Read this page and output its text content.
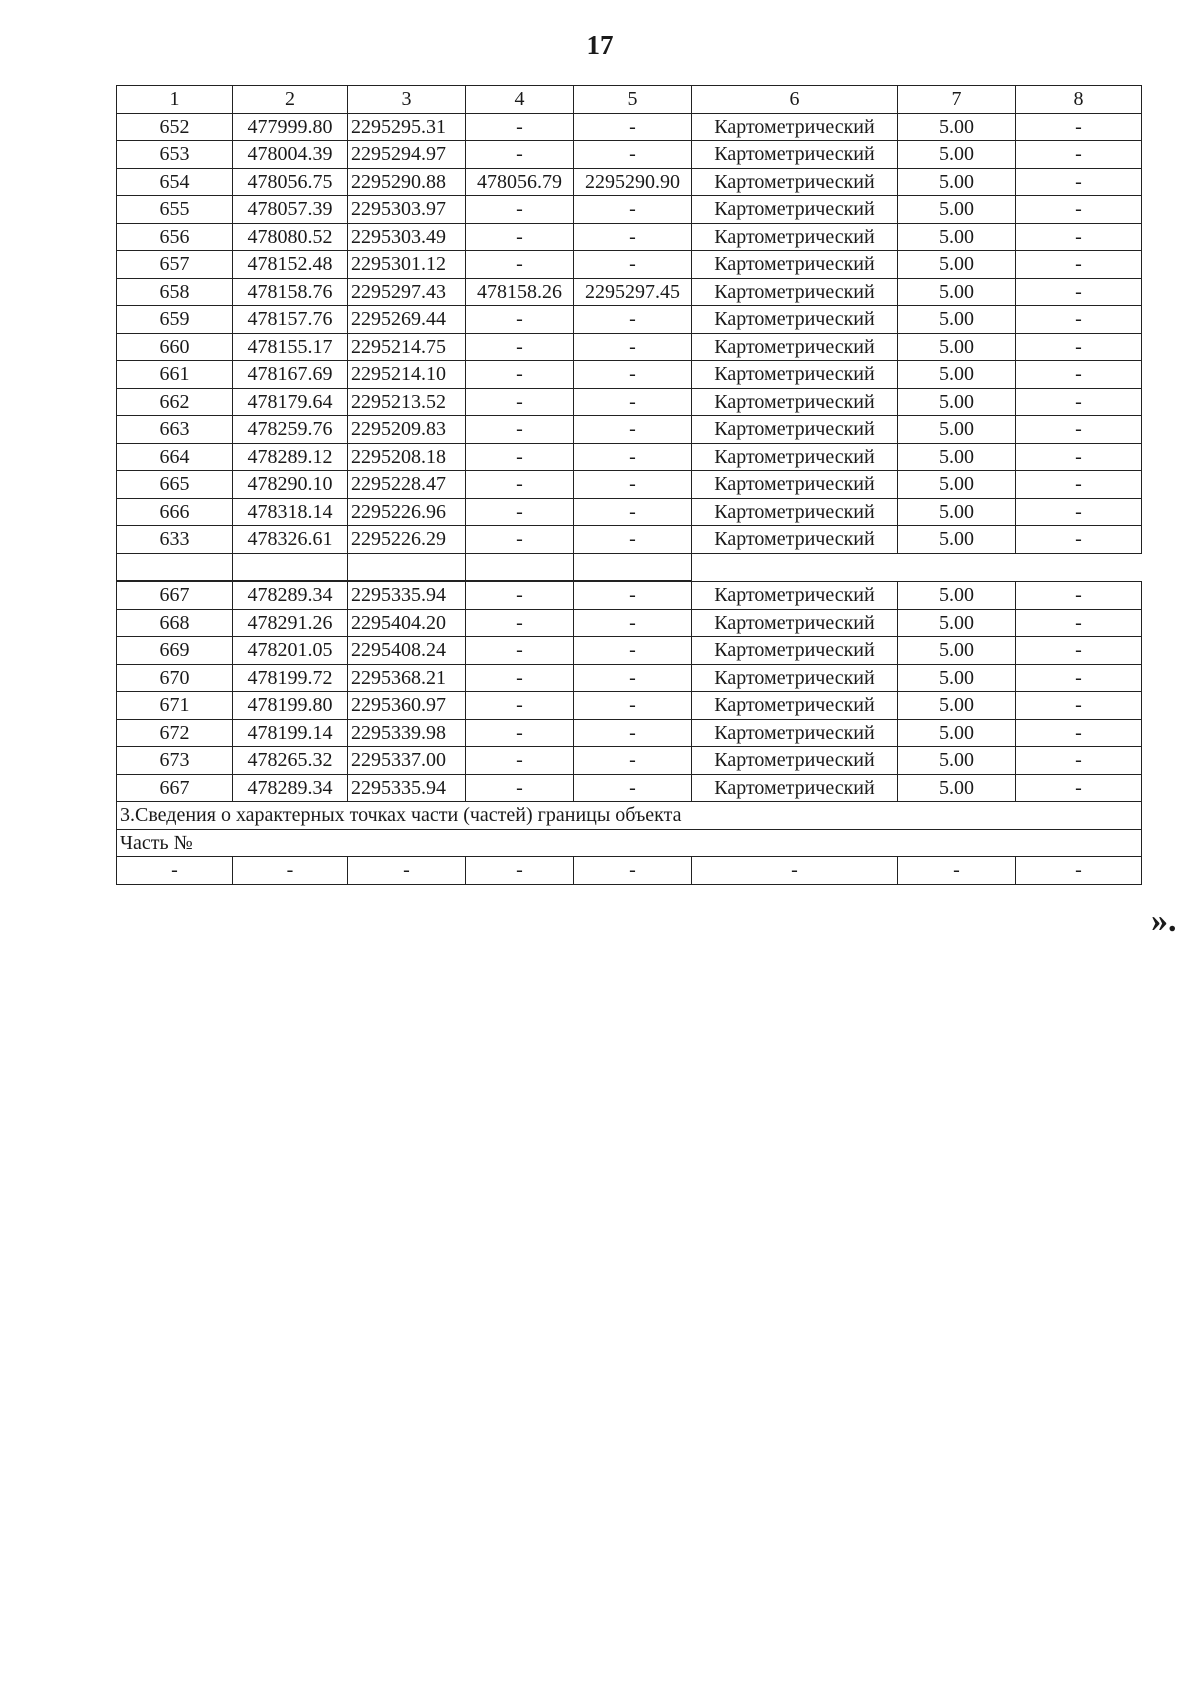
17
1	2	3	4	5	6	7	8
652	477999.80	2295295.31	-	-	Картометрический	5.00	-
653	478004.39	2295294.97	-	-	Картометрический	5.00	-
654	478056.75	2295290.88	478056.79	2295290.90	Картометрический	5.00	-
655	478057.39	2295303.97	-	-	Картометрический	5.00	-
656	478080.52	2295303.49	-	-	Картометрический	5.00	-
657	478152.48	2295301.12	-	-	Картометрический	5.00	-
658	478158.76	2295297.43	478158.26	2295297.45	Картометрический	5.00	-
659	478157.76	2295269.44	-	-	Картометрический	5.00	-
660	478155.17	2295214.75	-	-	Картометрический	5.00	-
661	478167.69	2295214.10	-	-	Картометрический	5.00	-
662	478179.64	2295213.52	-	-	Картометрический	5.00	-
663	478259.76	2295209.83	-	-	Картометрический	5.00	-
664	478289.12	2295208.18	-	-	Картометрический	5.00	-
665	478290.10	2295228.47	-	-	Картометрический	5.00	-
666	478318.14	2295226.96	-	-	Картометрический	5.00	-
633	478326.61	2295226.29	-	-	Картометрический	5.00	-

667	478289.34	2295335.94	-	-	Картометрический	5.00	-
668	478291.26	2295404.20	-	-	Картометрический	5.00	-
669	478201.05	2295408.24	-	-	Картометрический	5.00	-
670	478199.72	2295368.21	-	-	Картометрический	5.00	-
671	478199.80	2295360.97	-	-	Картометрический	5.00	-
672	478199.14	2295339.98	-	-	Картометрический	5.00	-
673	478265.32	2295337.00	-	-	Картометрический	5.00	-
667	478289.34	2295335.94	-	-	Картометрический	5.00	-
3.Сведения о характерных точках части (частей) границы объекта							
Часть №							
-	-	-	-	-	-	-	-
».
